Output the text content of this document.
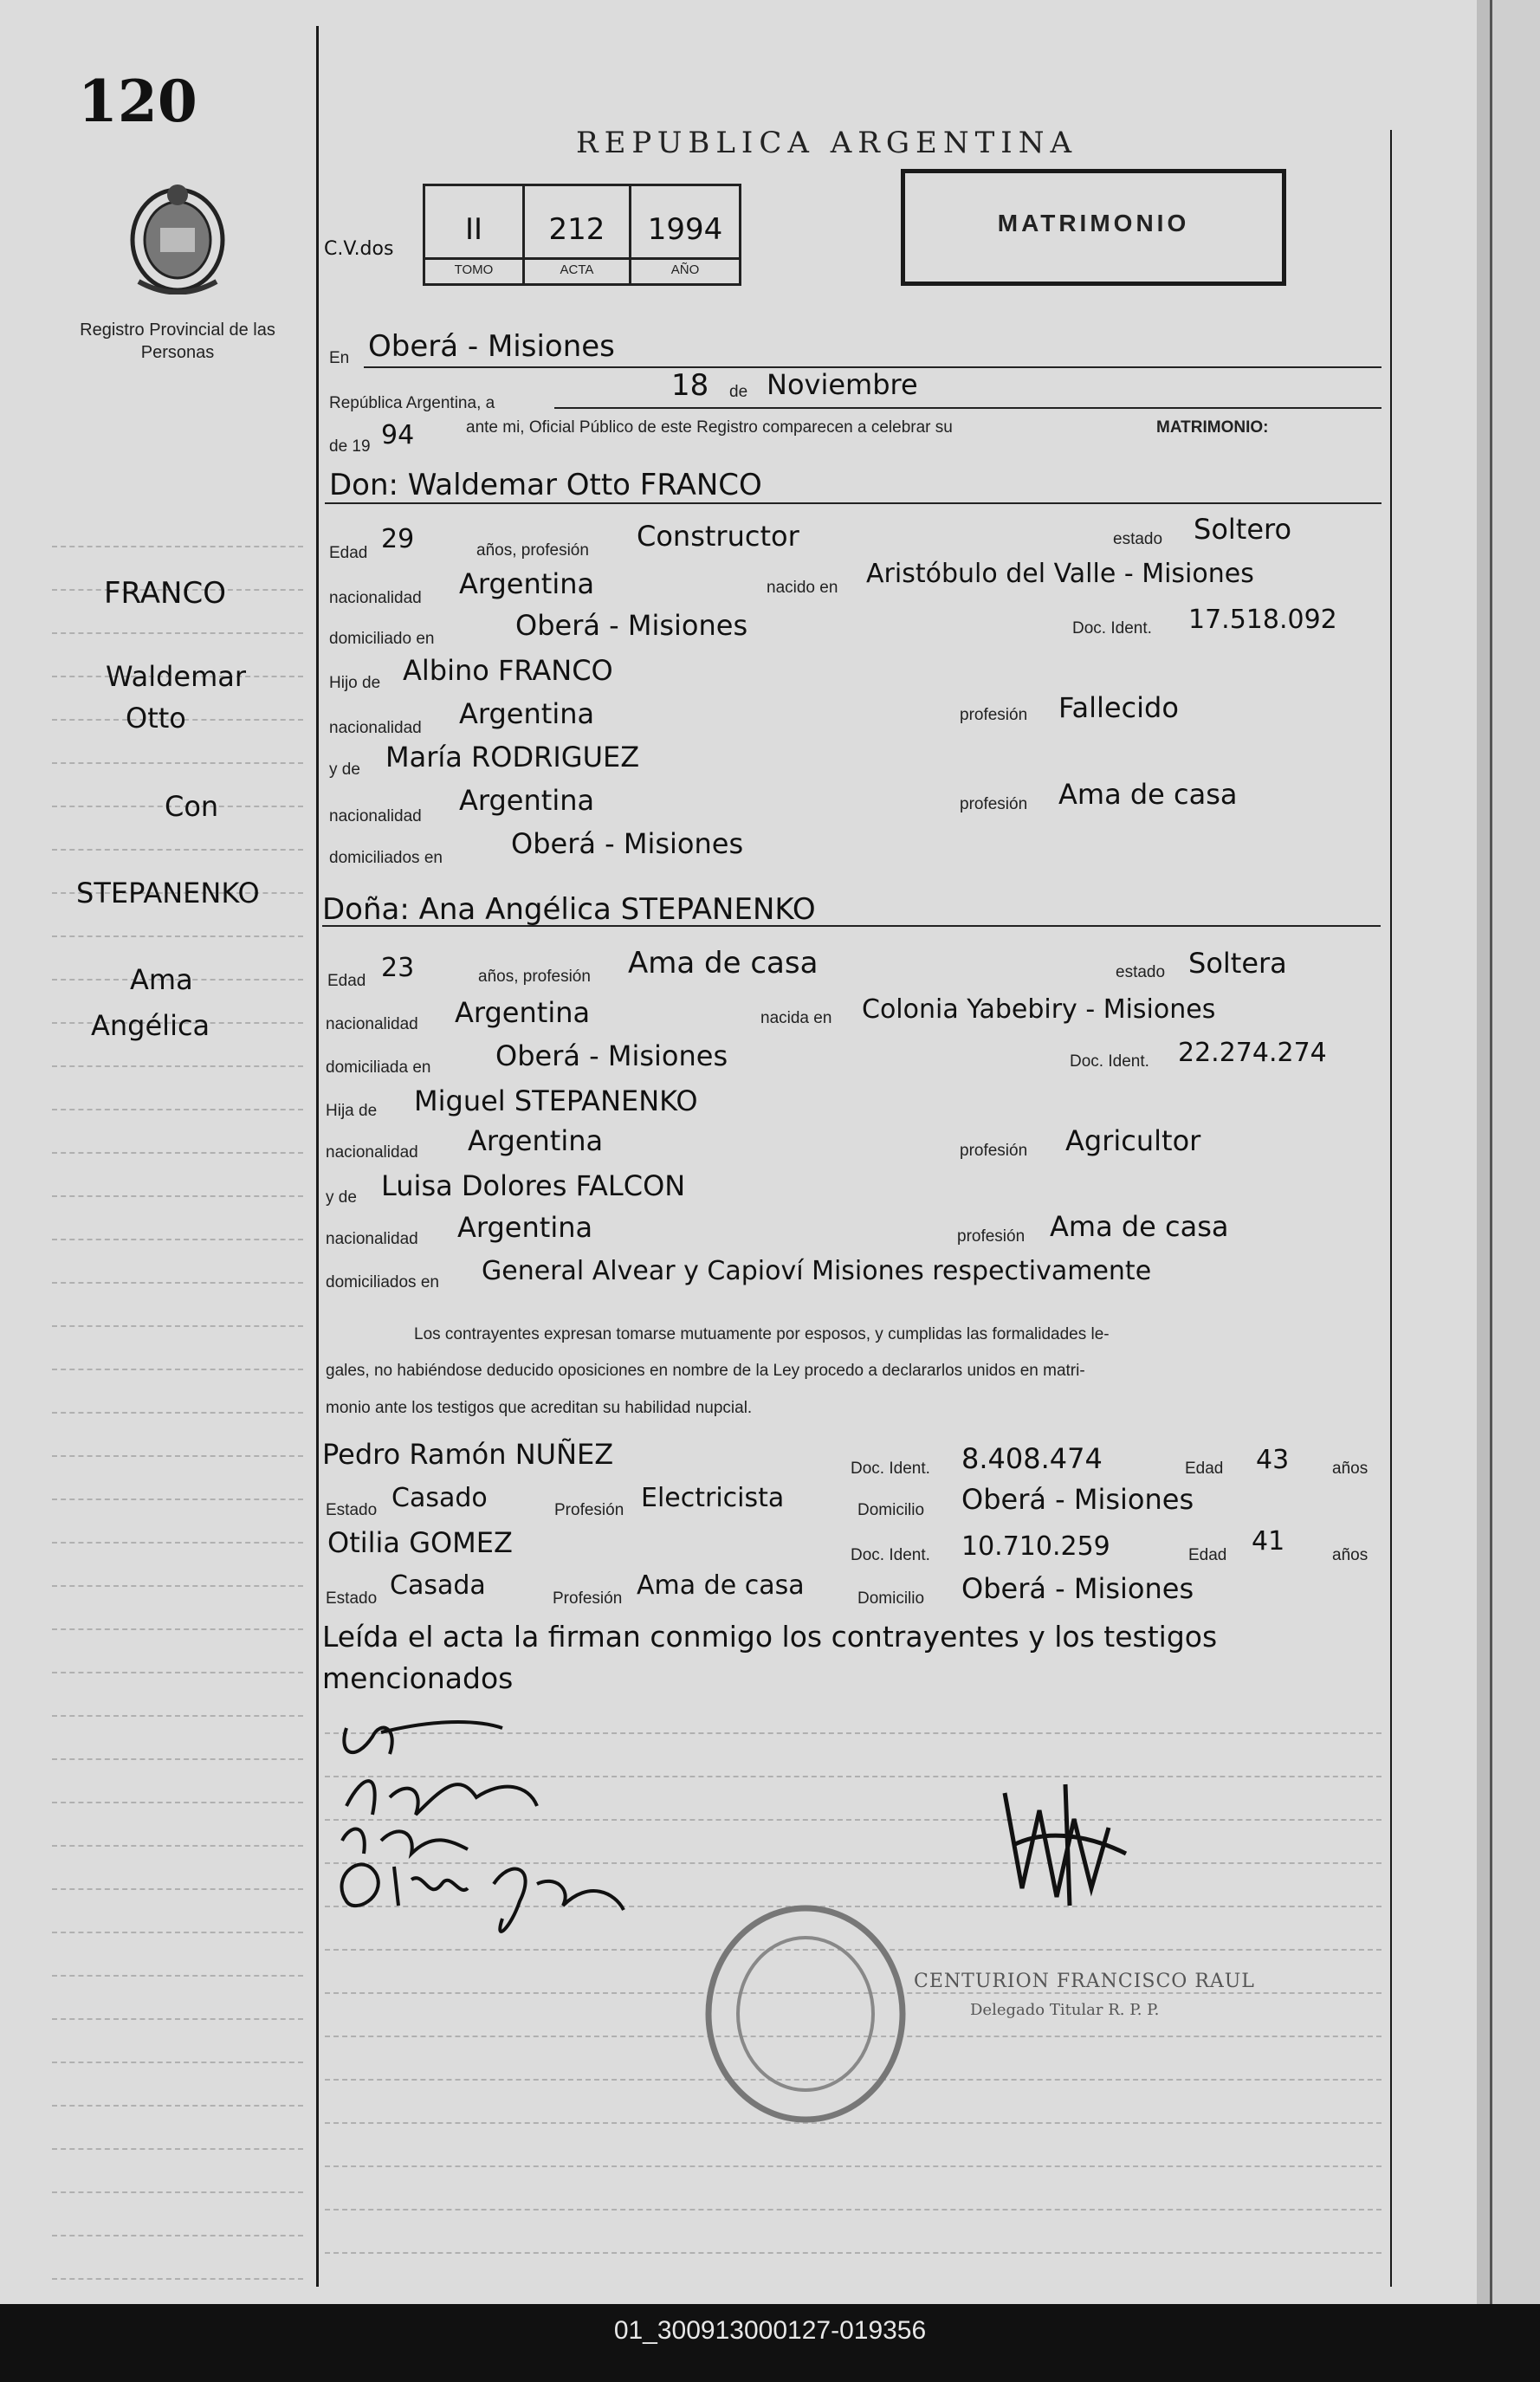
120
Registro Provincial de las Personas
REPUBLICA ARGENTINA
C.V.dos
II	212	1994
TOMO	ACTA	AÑO
MATRIMONIO
FRANCO
Waldemar
Otto
Con
STEPANENKO
Ama
Angélica
En Oberá - Misiones
República Argentina, a
18 de Noviembre
de 19 94	ante mi, Oficial Público de este Registro comparecen a celebrar su	MATRIMONIO:
Don: Waldemar Otto FRANCO
Edad 29	años, profesión Constructor	estado Soltero
nacionalidad Argentina	nacido en Aristóbulo del Valle - Misiones
domiciliado en	Oberá - Misiones	Doc. Ident. 17.518.092
Hijo de Albino FRANCO
nacionalidad Argentina	profesión Fallecido
y de María RODRIGUEZ
nacionalidad Argentina	profesión Ama de casa
domiciliados en Oberá - Misiones
Doña: Ana Angélica STEPANENKO
Edad 23	años, profesión Ama de casa	estado Soltera
nacionalidad Argentina	nacida en Colonia Yabebiry - Misiones
domiciliada en Oberá - Misiones	Doc. Ident. 22.274.274
Hija de Miguel STEPANENKO
nacionalidad Argentina	profesión Agricultor
y de Luisa Dolores FALCON
nacionalidad Argentina	profesión Ama de casa
domiciliados en General Alvear y Capioví Misiones respectivamente
Los contrayentes expresan tomarse mutuamente por esposos, y cumplidas las formalidades le-
gales, no habiéndose deducido oposiciones en nombre de la Ley procedo a declararlos unidos en matri-
monio ante los testigos que acreditan su habilidad nupcial.
Pedro Ramón NUÑEZ	Doc. Ident. 8.408.474	Edad 43	años
Estado Casado	Profesión Electricista	Domicilio Oberá - Misiones
Otilia GOMEZ	Doc. Ident. 10.710.259	Edad 41	años
Estado Casada	Profesión Ama de casa	Domicilio Oberá - Misiones
Leída el acta la firman conmigo los contrayentes y los testigos
mencionados
CENTURION FRANCISCO RAUL
Delegado Titular R. P. P.
01_300913000127-019356
